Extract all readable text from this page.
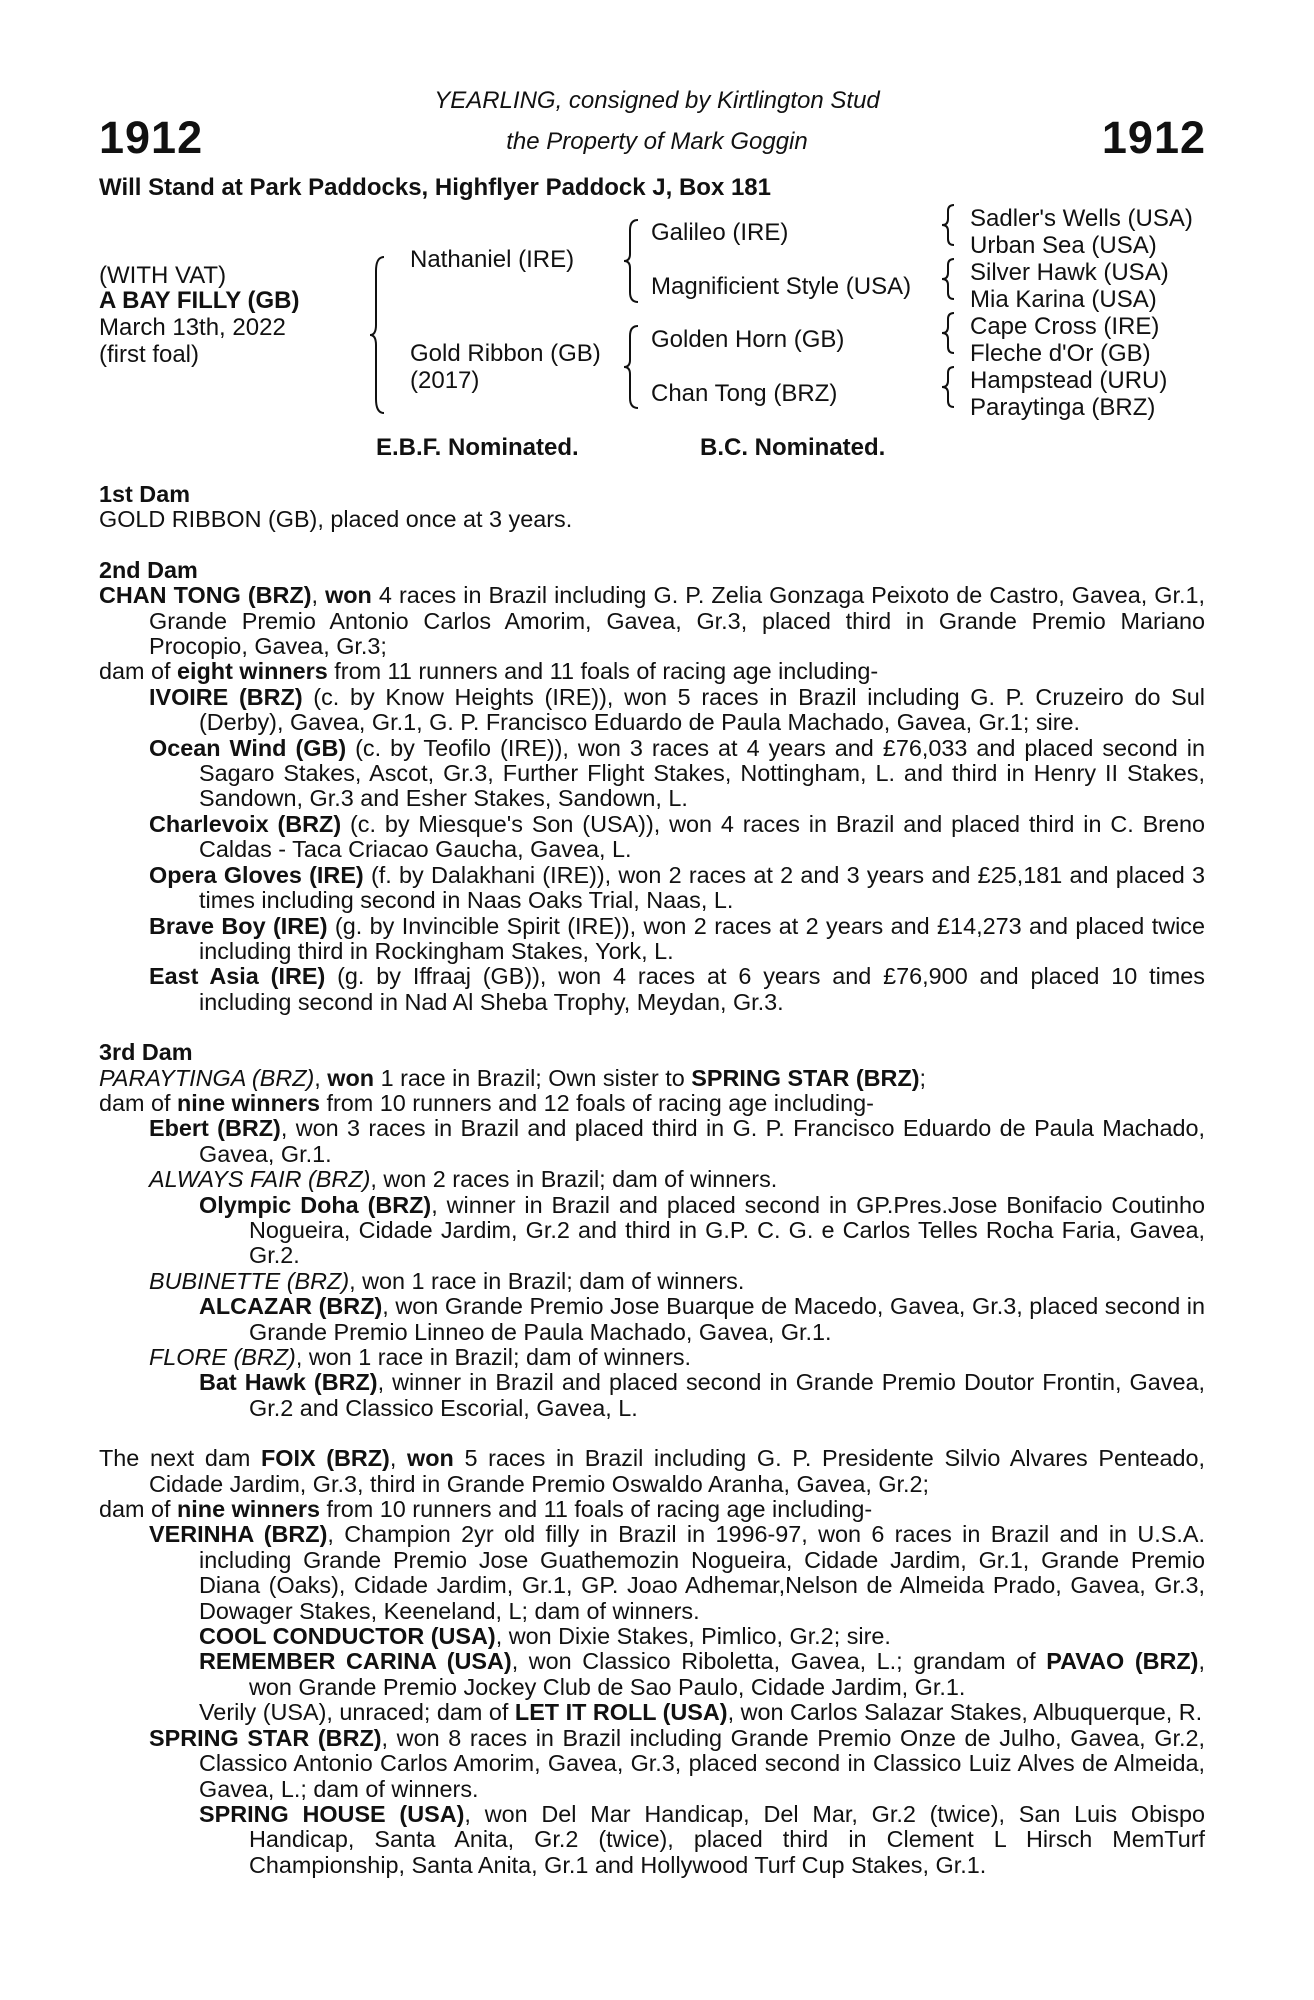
1912	1912
YEARLING, consigned by Kirtlington Stud
the Property of Mark Goggin
Will Stand at Park Paddocks, Highflyer Paddock J, Box 181
(WITH VAT)
A BAY FILLY (GB)
March 13th, 2022
(first foal)
Nathaniel (IRE)
Gold Ribbon (GB)
(2017)
Galileo (IRE)
Magnificient Style (USA)
Golden Horn (GB)
Chan Tong (BRZ)
Sadler's Wells (USA)
Urban Sea (USA)
Silver Hawk (USA)
Mia Karina (USA)
Cape Cross (IRE)
Fleche d'Or (GB)
Hampstead (URU)
Paraytinga (BRZ)
E.B.F. Nominated.	B.C. Nominated.

1st Dam

GOLD RIBBON (GB), placed once at 3 years.

2nd Dam

CHAN TONG (BRZ), won 4 races in Brazil including G. P. Zelia Gonzaga Peixoto de Castro, Gavea, Gr.1, Grande Premio Antonio Carlos Amorim, Gavea, Gr.3, placed third in Grande Premio Mariano Procopio, Gavea, Gr.3;

dam of eight winners from 11 runners and 11 foals of racing age including-

IVOIRE (BRZ) (c. by Know Heights (IRE)), won 5 races in Brazil including G. P. Cruzeiro do Sul (Derby), Gavea, Gr.1, G. P. Francisco Eduardo de Paula Machado, Gavea, Gr.1; sire.

Ocean Wind (GB) (c. by Teofilo (IRE)), won 3 races at 4 years and £76,033 and placed second in Sagaro Stakes, Ascot, Gr.3, Further Flight Stakes, Nottingham, L. and third in Henry II Stakes, Sandown, Gr.3 and Esher Stakes, Sandown, L.

Charlevoix (BRZ) (c. by Miesque's Son (USA)), won 4 races in Brazil and placed third in C. Breno Caldas - Taca Criacao Gaucha, Gavea, L.

Opera Gloves (IRE) (f. by Dalakhani (IRE)), won 2 races at 2 and 3 years and £25,181 and placed 3 times including second in Naas Oaks Trial, Naas, L.

Brave Boy (IRE) (g. by Invincible Spirit (IRE)), won 2 races at 2 years and £14,273 and placed twice including third in Rockingham Stakes, York, L.

East Asia (IRE) (g. by Iffraaj (GB)), won 4 races at 6 years and £76,900 and placed 10 times including second in Nad Al Sheba Trophy, Meydan, Gr.3.

3rd Dam

PARAYTINGA (BRZ), won 1 race in Brazil; Own sister to SPRING STAR (BRZ);

dam of nine winners from 10 runners and 12 foals of racing age including-

Ebert (BRZ), won 3 races in Brazil and placed third in G. P. Francisco Eduardo de Paula Machado, Gavea, Gr.1.

ALWAYS FAIR (BRZ), won 2 races in Brazil; dam of winners.

Olympic Doha (BRZ), winner in Brazil and placed second in GP.Pres.Jose Bonifacio Coutinho Nogueira, Cidade Jardim, Gr.2 and third in G.P. C. G. e Carlos Telles Rocha Faria, Gavea, Gr.2.

BUBINETTE (BRZ), won 1 race in Brazil; dam of winners.

ALCAZAR (BRZ), won Grande Premio Jose Buarque de Macedo, Gavea, Gr.3, placed second in Grande Premio Linneo de Paula Machado, Gavea, Gr.1.

FLORE (BRZ), won 1 race in Brazil; dam of winners.

Bat Hawk (BRZ), winner in Brazil and placed second in Grande Premio Doutor Frontin, Gavea, Gr.2 and Classico Escorial, Gavea, L.

The next dam FOIX (BRZ), won 5 races in Brazil including G. P. Presidente Silvio Alvares Penteado, Cidade Jardim, Gr.3, third in Grande Premio Oswaldo Aranha, Gavea, Gr.2;

dam of nine winners from 10 runners and 11 foals of racing age including-

VERINHA (BRZ), Champion 2yr old filly in Brazil in 1996-97, won 6 races in Brazil and in U.S.A. including Grande Premio Jose Guathemozin Nogueira, Cidade Jardim, Gr.1, Grande Premio Diana (Oaks), Cidade Jardim, Gr.1, GP. Joao Adhemar,Nelson de Almeida Prado, Gavea, Gr.3, Dowager Stakes, Keeneland, L; dam of winners.

COOL CONDUCTOR (USA), won Dixie Stakes, Pimlico, Gr.2; sire.

REMEMBER CARINA (USA), won Classico Riboletta, Gavea, L.; grandam of PAVAO (BRZ), won Grande Premio Jockey Club de Sao Paulo, Cidade Jardim, Gr.1.

Verily (USA), unraced; dam of LET IT ROLL (USA), won Carlos Salazar Stakes, Albuquerque, R.

SPRING STAR (BRZ), won 8 races in Brazil including Grande Premio Onze de Julho, Gavea, Gr.2, Classico Antonio Carlos Amorim, Gavea, Gr.3, placed second in Classico Luiz Alves de Almeida, Gavea, L.; dam of winners.

SPRING HOUSE (USA), won Del Mar Handicap, Del Mar, Gr.2 (twice), San Luis Obispo Handicap, Santa Anita, Gr.2 (twice), placed third in Clement L Hirsch MemTurf Championship, Santa Anita, Gr.1 and Hollywood Turf Cup Stakes, Gr.1.
